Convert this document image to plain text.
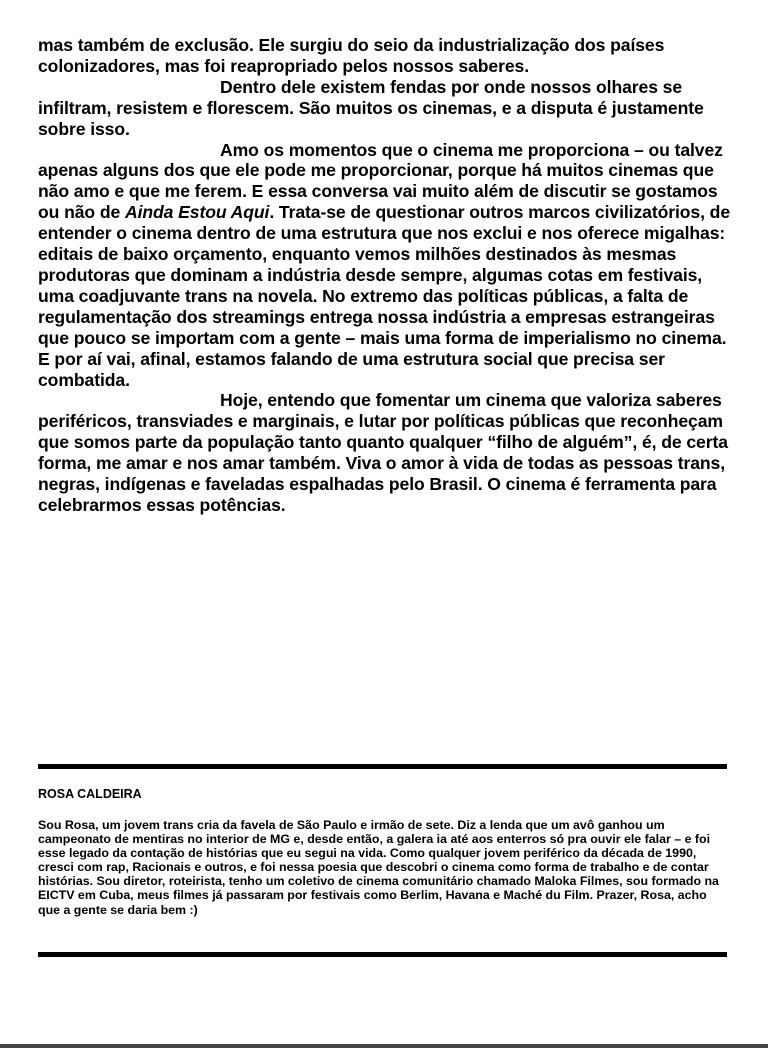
mas também de exclusão. Ele surgiu do seio da industrialização dos países colonizadores, mas foi reapropriado pelos nossos saberes.

Dentro dele existem fendas por onde nossos olhares se infiltram, resistem e florescem. São muitos os cinemas, e a disputa é justamente sobre isso.

Amo os momentos que o cinema me proporciona – ou talvez apenas alguns dos que ele pode me proporcionar, porque há muitos cinemas que não amo e que me ferem. E essa conversa vai muito além de discutir se gostamos ou não de Ainda Estou Aqui. Trata-se de questionar outros marcos civilizatórios, de entender o cinema dentro de uma estrutura que nos exclui e nos oferece migalhas: editais de baixo orçamento, enquanto vemos milhões destinados às mesmas produtoras que dominam a indústria desde sempre, algumas cotas em festivais, uma coadjuvante trans na novela. No extremo das políticas públicas, a falta de regulamentação dos streamings entrega nossa indústria a empresas estrangeiras que pouco se importam com a gente – mais uma forma de imperialismo no cinema. E por aí vai, afinal, estamos falando de uma estrutura social que precisa ser combatida.

Hoje, entendo que fomentar um cinema que valoriza saberes periféricos, transviades e marginais, e lutar por políticas públicas que reconheçam que somos parte da população tanto quanto qualquer “filho de alguém”, é, de certa forma, me amar e nos amar também. Viva o amor à vida de todas as pessoas trans, negras, indígenas e faveladas espalhadas pelo Brasil. O cinema é ferramenta para celebrarmos essas potências.

ROSA CALDEIRA

Sou Rosa, um jovem trans cria da favela de São Paulo e irmão de sete. Diz a lenda que um avô ganhou um campeonato de mentiras no interior de MG e, desde então, a galera ia até aos enterros só pra ouvir ele falar – e foi esse legado da contação de histórias que eu segui na vida. Como qualquer jovem periférico da década de 1990, cresci com rap, Racionais e outros, e foi nessa poesia que descobri o cinema como forma de trabalho e de contar histórias. Sou diretor, roteirista, tenho um coletivo de cinema comunitário chamado Maloka Filmes, sou formado na EICTV em Cuba, meus filmes já passaram por festivais como Berlim, Havana e Maché du Film. Prazer, Rosa, acho que a gente se daria bem :)
